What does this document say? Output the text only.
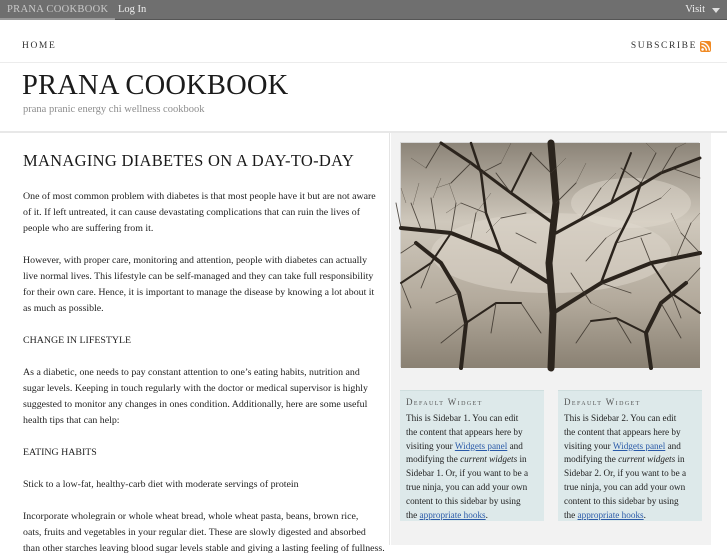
PRANA COOKBOOK Log In	Visit
HOME	SUBSCRIBE
PRANA COOKBOOK
prana pranic energy chi wellness cookbook
MANAGING DIABETES ON A DAY-TO-DAY
One of most common problem with diabetes is that most people have it but are not aware
of it. If left untreated, it can cause devastating complications that can ruin the lives of
people who are suffering from it.
However, with proper care, monitoring and attention, people with diabetes can actually
live normal lives. This lifestyle can be self-managed and they can take full responsibility
for their own care. Hence, it is important to manage the disease by knowing a lot about it
as much as possible.
CHANGE IN LIFESTYLE
As a diabetic, one needs to pay constant attention to one’s eating habits, nutrition and
sugar levels. Keeping in touch regularly with the doctor or medical supervisor is highly
suggested to monitor any changes in ones condition. Additionally, here are some useful
health tips that can help:
EATING HABITS
Stick to a low-fat, healthy-carb diet with moderate servings of protein
Incorporate wholegrain or whole wheat bread, whole wheat pasta, beans, brown rice,
oats, fruits and vegetables in your regular diet. These are slowly digested and absorbed
than other starches leaving blood sugar levels stable and giving a lasting feeling of fullness.
Default Widget
This is Sidebar 1. You can edit
the content that appears here by
visiting your Widgets panel and
modifying the current widgets in
Sidebar 1. Or, if you want to be a
true ninja, you can add your own
content to this sidebar by using
the appropriate hooks.
Default Widget
This is Sidebar 2. You can edit
the content that appears here by
visiting your Widgets panel and
modifying the current widgets in
Sidebar 2. Or, if you want to be a
true ninja, you can add your own
content to this sidebar by using
the appropriate hooks.
